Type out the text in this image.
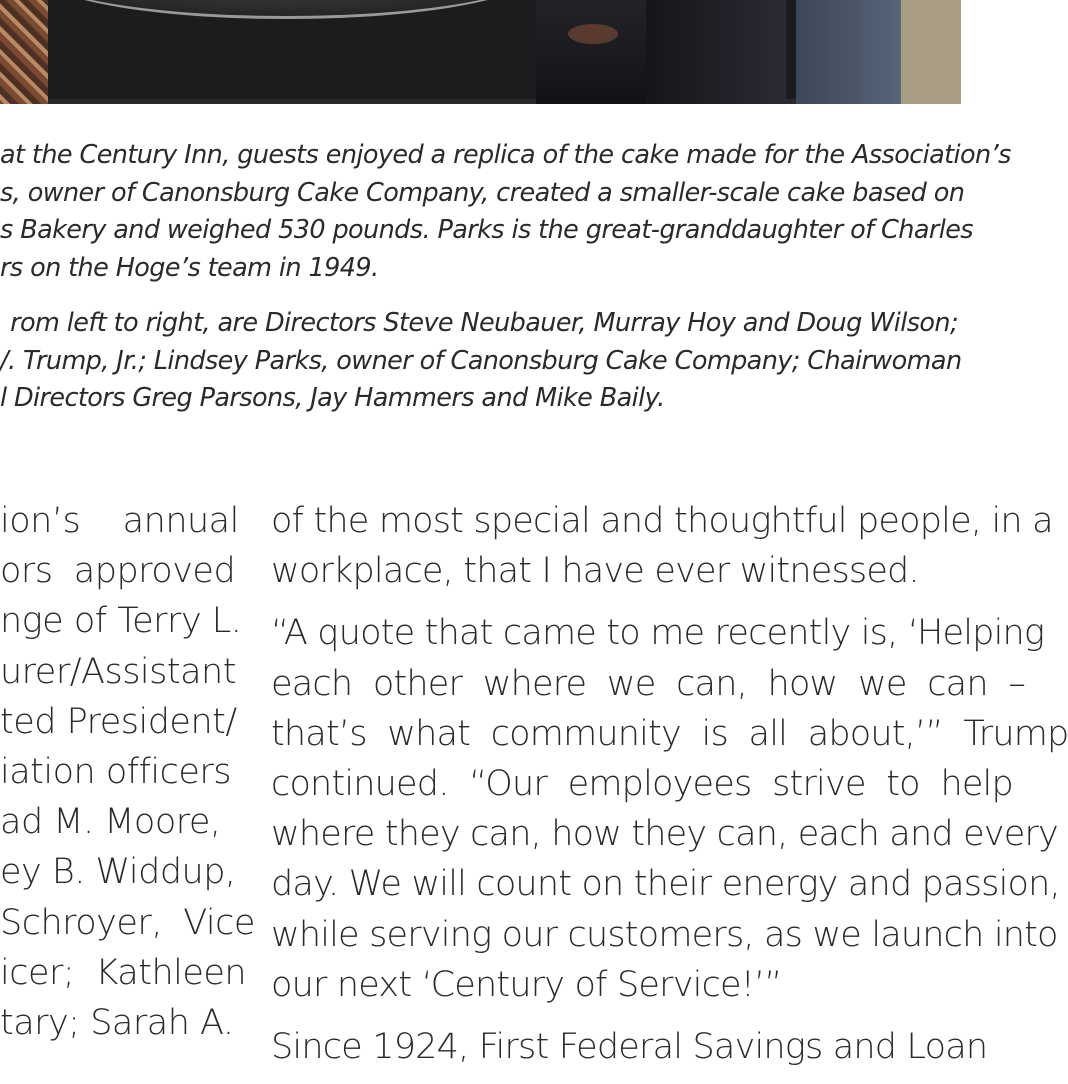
at the Century Inn, guests enjoyed a replica of the cake made for the Association’s
s, owner of Canonsburg Cake Company, created a smaller-scale cake based on
s Bakery and weighed 530 pounds. Parks is the great-granddaughter of Charles
rs on the Hoge’s team in 1949.
rom left to right, are Directors Steve Neubauer, Murray Hoy and Doug Wilson;
/. Trump, Jr.; Lindsey Parks, owner of Canonsburg Cake Company; Chairwoman
l Directors Greg Parsons, Jay Hammers and Mike Baily.
ion’s    annual
ors  approved
nge of Terry L.
urer/Assistant
ted President/
iation officers
ad M. Moore,
ey B. Widdup,
Schroyer,  Vice
icer;  Kathleen
tary; Sarah A.
of the most special and thoughtful people, in a
workplace, that I have ever witnessed.
“A quote that came to me recently is, ‘Helping
each  other  where  we  can,  how  we  can  –
that’s  what  community  is  all  about,’”  Trump
continued.  “Our  employees  strive  to  help
where they can, how they can, each and every
day. We will count on their energy and passion,
while serving our customers, as we launch into
our next ‘Century of Service!’”
Since 1924, First Federal Savings and Loan
